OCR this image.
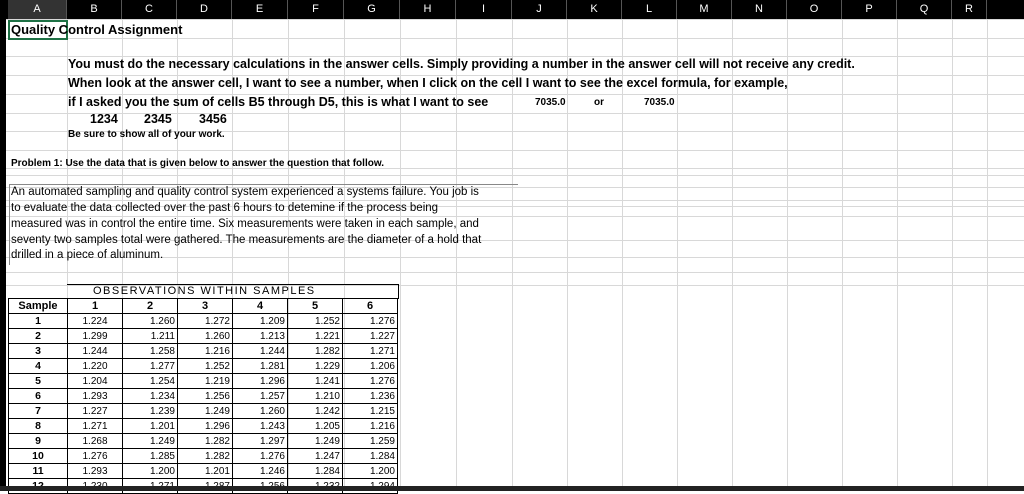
A	B	C	D	E	F	G	H	I	J	K	L	M	N	O	P	Q	R
Quality Control Assignment
You must do the necessary calculations in the answer cells. Simply providing a number in the answer cell will not receive any credit.
When look at the answer cell, I want to see a number, when I click on the cell I want to see the excel formula, for example,
if I asked you the sum of cells B5 through D5, this is what I want to see	7035.0	or	7035.0
1234 2345 3456
Be sure to show all of your work.
Problem 1: Use the data that is given below to answer the question that follow.
An automated sampling and quality control system experienced a systems failure. You job is
to evaluate the data collected over the past 6 hours to detemine if the process being
measured was in control the entire time. Six measurements were taken in each sample, and
seventy two samples total were gathered. The measurements are the diameter of a hold that
drilled in a piece of aluminum.
OBSERVATIONS WITHIN SAMPLES
Sample	1	2	3	4	5	6
1	1.224	1.260	1.272	1.209	1.252	1.276
2	1.299	1.211	1.260	1.213	1.221	1.227
3	1.244	1.258	1.216	1.244	1.282	1.271
4	1.220	1.277	1.252	1.281	1.229	1.206
5	1.204	1.254	1.219	1.296	1.241	1.276
6	1.293	1.234	1.256	1.257	1.210	1.236
7	1.227	1.239	1.249	1.260	1.242	1.215
8	1.271	1.201	1.296	1.243	1.205	1.216
9	1.268	1.249	1.282	1.297	1.249	1.259
10	1.276	1.285	1.282	1.276	1.247	1.284
11	1.293	1.200	1.201	1.246	1.284	1.200
